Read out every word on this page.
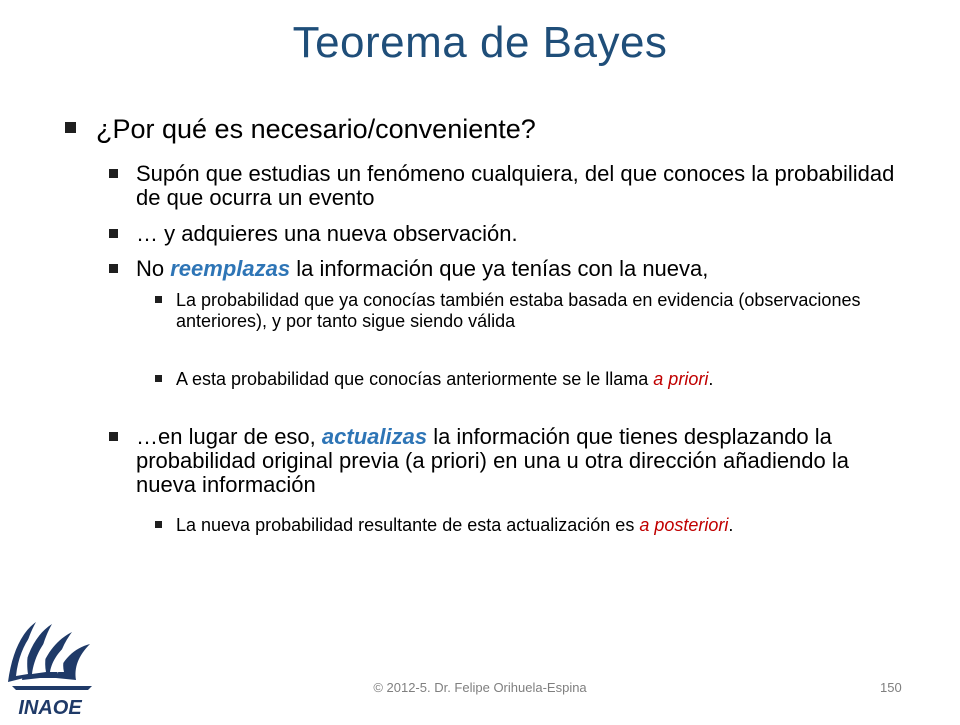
Teorema de Bayes
¿Por qué es necesario/conveniente?
Supón que estudias un fenómeno cualquiera, del que conoces la probabilidad de que ocurra un evento
… y adquieres una nueva observación.
No reemplazas la información que ya tenías con la nueva,
La probabilidad que ya conocías también estaba basada en evidencia (observaciones anteriores), y por tanto sigue siendo válida
A esta probabilidad que conocías anteriormente se le llama a priori.
…en lugar de eso, actualizas la información que tienes desplazando la probabilidad original previa (a priori) en una u otra dirección añadiendo la nueva información
La nueva probabilidad resultante de esta actualización es a posteriori.
INAOE
© 2012-5. Dr. Felipe Orihuela-Espina	150
